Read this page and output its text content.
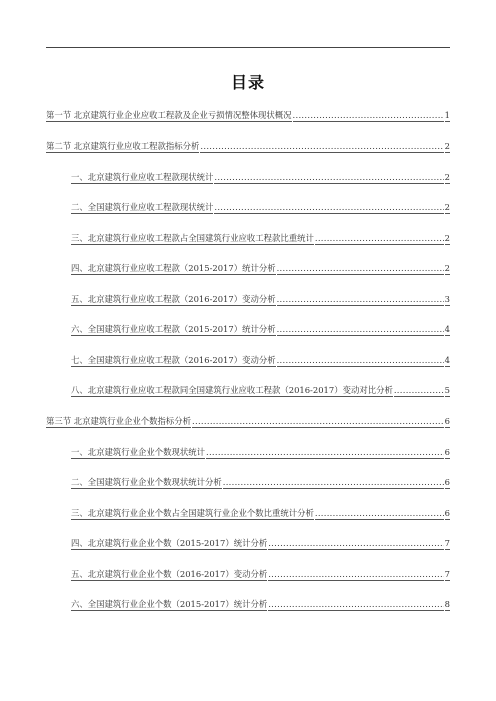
目录
第一节 北京建筑行业企业应收工程款及企业亏损情况整体现状概况 .....	1
第二节 北京建筑行业应收工程款指标分析 .....	2
一、北京建筑行业应收工程款现状统计 .....	2
二、全国建筑行业应收工程款现状统计 .....	2
三、北京建筑行业应收工程款占全国建筑行业应收工程款比重统计 .....	2
四、北京建筑行业应收工程款（2015-2017）统计分析 .....	2
五、北京建筑行业应收工程款（2016-2017）变动分析 .....	3
六、全国建筑行业应收工程款（2015-2017）统计分析 .....	4
七、全国建筑行业应收工程款（2016-2017）变动分析 .....	4
八、北京建筑行业应收工程款同全国建筑行业应收工程款（2016-2017）变动对比分析 .....	5
第三节 北京建筑行业企业个数指标分析 .....	6
一、北京建筑行业企业个数现状统计 .....	6
二、全国建筑行业企业个数现状统计分析 .....	6
三、北京建筑行业企业个数占全国建筑行业企业个数比重统计分析 .....	6
四、北京建筑行业企业个数（2015-2017）统计分析 .....	7
五、北京建筑行业企业个数（2016-2017）变动分析 .....	7
六、全国建筑行业企业个数（2015-2017）统计分析 .....	8
